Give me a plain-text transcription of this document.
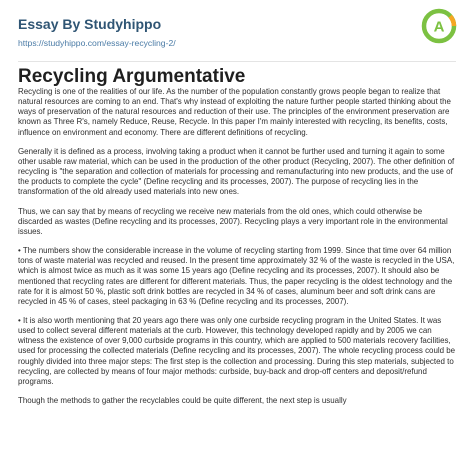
Essay By Studyhippo
https://studyhippo.com/essay-recycling-2/
A
Recycling Argumentative

Recycling is one of the realities of our life. As the number of the population constantly grows people began to realize that natural resources are coming to an end. That's why instead of exploiting the nature further people started thinking about the ways of preservation of the natural resources and reduction of their use. The principles of the environment preservation are known as Three R's, namely Reduce, Reuse, Recycle. In this paper I'm mainly interested with recycling, its benefits, costs, influence on environment and economy. There are different definitions of recycling.

Generally it is defined as a process, involving taking a product when it cannot be further used and turning it again to some other usable raw material, which can be used in the production of the other product (Recycling, 2007). The other definition of recycling is "the separation and collection of materials for processing and remanufacturing into new products, and the use of the products to complete the cycle" (Define recycling and its processes, 2007). The purpose of recycling lies in the transformation of the old already used materials into new ones.

Thus, we can say that by means of recycling we receive new materials from the old ones, which could otherwise be discarded as wastes (Define recycling and its processes, 2007). Recycling plays a very important role in the environmental issues.

• The numbers show the considerable increase in the volume of recycling starting from 1999. Since that time over 64 million tons of waste material was recycled and reused. In the present time approximately 32 % of the waste is recycled in the USA, which is almost twice as much as it was some 15 years ago (Define recycling and its processes, 2007). It should also be mentioned that recycling rates are different for different materials. Thus, the paper recycling is the oldest technology and the rate for it is almost 50 %, plastic soft drink bottles are recycled in 34 % of cases, aluminum beer and soft drink cans are recycled in 45 % of cases, steel packaging in 63 % (Define recycling and its processes, 2007).

• It is also worth mentioning that 20 years ago there was only one curbside recycling program in the United States. It was used to collect several different materials at the curb. However, this technology developed rapidly and by 2005 we can witness the existence of over 9,000 curbside programs in this country, which are applied to 500 materials recovery facilities, used for processing the collected materials (Define recycling and its processes, 2007). The whole recycling process could be roughly divided into three major steps: The first step is the collection and processing. During this step materials, subjected to recycling, are collected by means of four major methods: curbside, buy-back and drop-off centers and deposit/refund programs.

Though the methods to gather the recyclables could be quite different, the next step is usually
